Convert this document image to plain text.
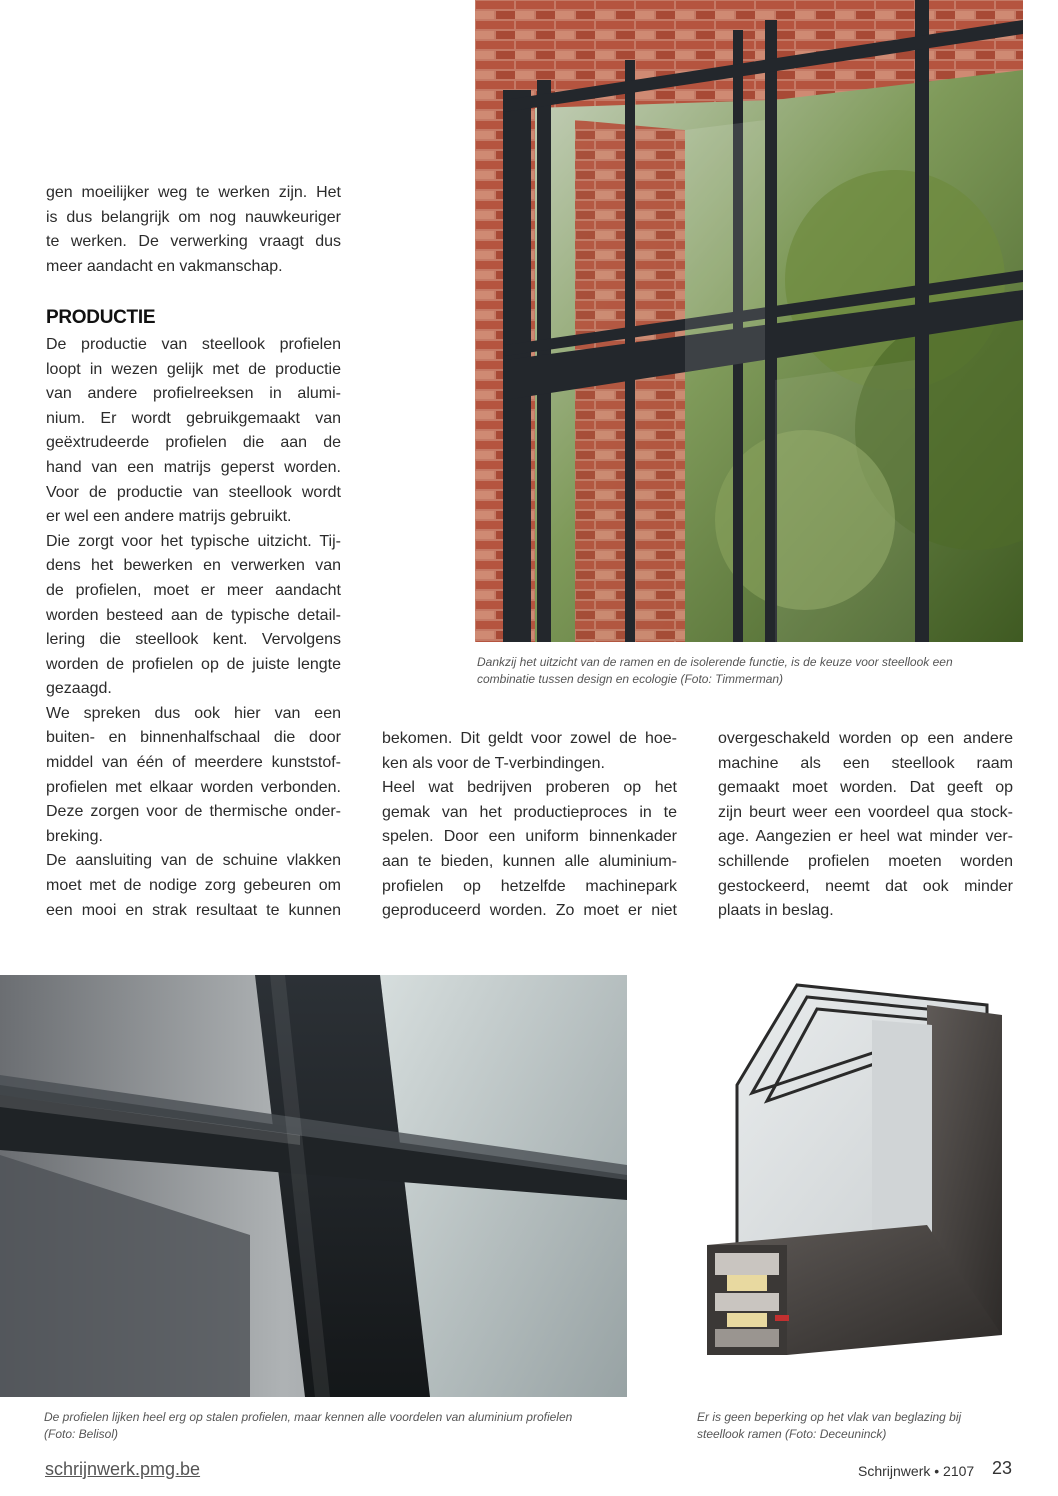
Dankzij het uitzicht van de ramen en de isolerende functie, is de keuze voor steellook een
combinatie tussen design en ecologie (Foto: Timmerman)

gen moeilijker weg te werken zijn. Het

is dus belangrijk om nog nauwkeuriger

te werken. De verwerking vraagt dus

meer aandacht en vakmanschap.

PRODUCTIE

De productie van steellook profielen

loopt in wezen gelijk met de productie

van andere profielreeksen in alumi-

nium. Er wordt gebruikgemaakt van

geëxtrudeerde profielen die aan de

hand van een matrijs geperst worden.

Voor de productie van steellook wordt

er wel een andere matrijs gebruikt.

Die zorgt voor het typische uitzicht. Tij-

dens het bewerken en verwerken van

de profielen, moet er meer aandacht

worden besteed aan de typische detail-

lering die steellook kent. Vervolgens

worden de profielen op de juiste lengte

gezaagd.

We spreken dus ook hier van een

buiten- en binnenhalfschaal die door

middel van één of meerdere kunststof-

profielen met elkaar worden verbonden.

Deze zorgen voor de thermische onder-

breking.

De aansluiting van de schuine vlakken

moet met de nodige zorg gebeuren om

een mooi en strak resultaat te kunnen

bekomen. Dit geldt voor zowel de hoe-

ken als voor de T-verbindingen.

Heel wat bedrijven proberen op het

gemak van het productieproces in te

spelen. Door een uniform binnenkader

aan te bieden, kunnen alle aluminium-

profielen op hetzelfde machinepark

geproduceerd worden. Zo moet er niet

overgeschakeld worden op een andere

machine als een steellook raam

gemaakt moet worden. Dat geeft op

zijn beurt weer een voordeel qua stock-

age. Aangezien er heel wat minder ver-

schillende profielen moeten worden

gestockeerd, neemt dat ook minder

plaats in beslag.

De profielen lijken heel erg op stalen profielen, maar kennen alle voordelen van aluminium profielen
(Foto: Belisol)
Er is geen beperking op het vlak van beglazing bij
steellook ramen (Foto: Deceuninck)
schrijnwerk.pmg.be	Schrijnwerk • 2107 23
